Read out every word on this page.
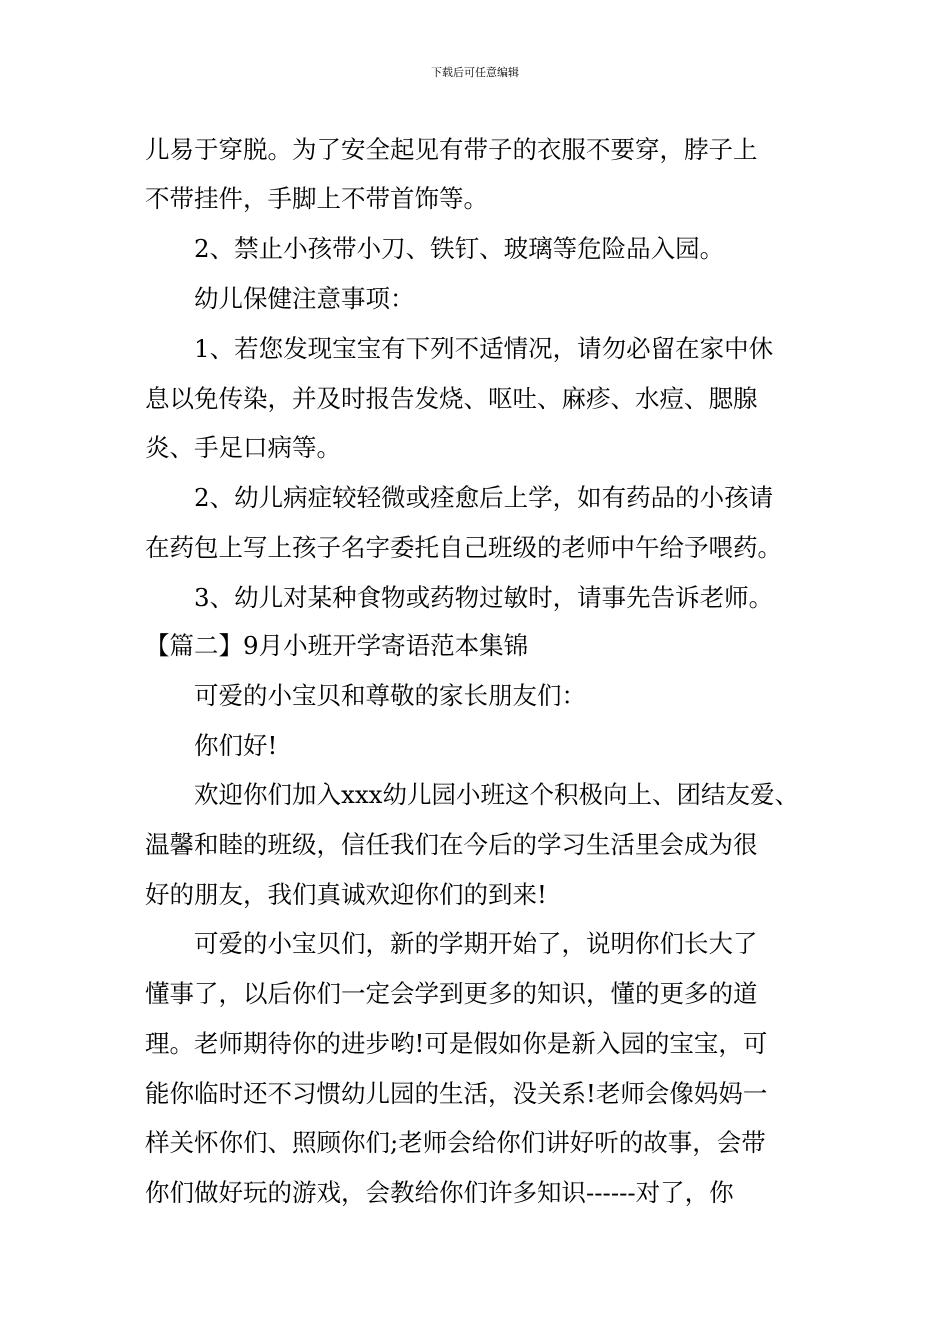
下载后可任意编辑
儿易于穿脱。为了安全起见有带子的衣服不要穿，脖子上
不带挂件，手脚上不带首饰等。
2、禁止小孩带小刀、铁钉、玻璃等危险品入园。
幼儿保健注意事项：
1、若您发现宝宝有下列不适情况，请勿必留在家中休
息以免传染，并及时报告发烧、呕吐、麻疹、水痘、腮腺
炎、手足口病等。
2、幼儿病症较轻微或痊愈后上学，如有药品的小孩请
在药包上写上孩子名字委托自己班级的老师中午给予喂药。
3、幼儿对某种食物或药物过敏时，请事先告诉老师。
【篇二】9月小班开学寄语范本集锦
可爱的小宝贝和尊敬的家长朋友们：
你们好!
欢迎你们加入xxx幼儿园小班这个积极向上、团结友爱、
温馨和睦的班级，信任我们在今后的学习生活里会成为很
好的朋友，我们真诚欢迎你们的到来!
可爱的小宝贝们，新的学期开始了，说明你们长大了
懂事了，以后你们一定会学到更多的知识，懂的更多的道
理。老师期待你的进步哟!可是假如你是新入园的宝宝，可
能你临时还不习惯幼儿园的生活，没关系!老师会像妈妈一
样关怀你们、照顾你们;老师会给你们讲好听的故事，会带
你们做好玩的游戏，会教给你们许多知识------对了，你
